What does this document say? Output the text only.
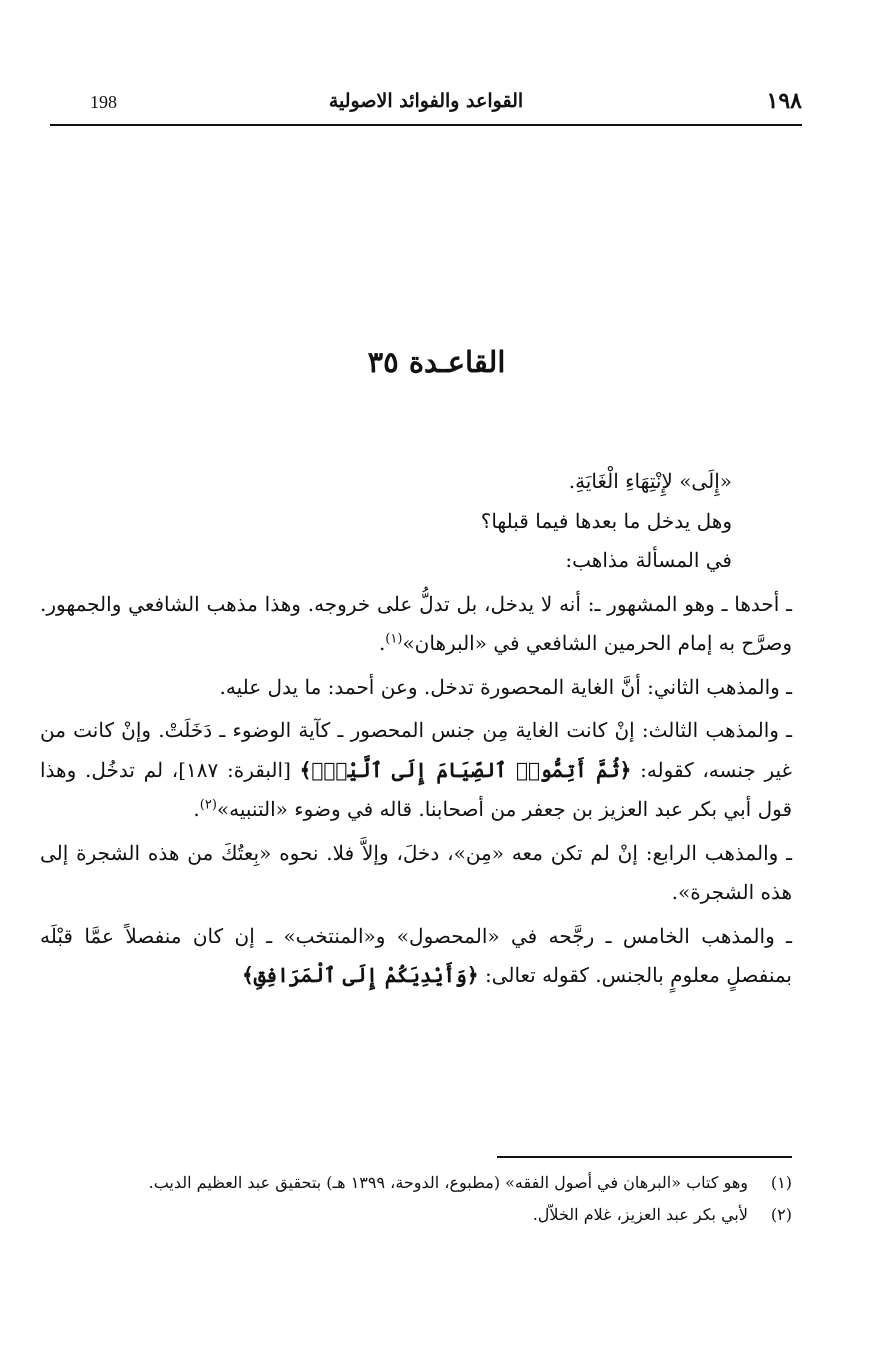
١٩٨
القواعد والفوائد الاصولية
198
القاعـدة ٣٥

«إِلَى» لإِنْتِهَاءِ الْغَايَةِ.

وهل يدخل ما بعدها فيما قبلها؟

في المسألة مذاهب:

ـ أحدها ـ وهو المشهور ـ: أنه لا يدخل، بل تدلُّ على خروجه. وهذا مذهب الشافعي والجمهور. وصرَّح به إمام الحرمين الشافعي في «البرهان»$^{(١)}$.

ـ والمذهب الثاني: أنَّ الغاية المحصورة تدخل. وعن أحمد: ما يدل عليه.

ـ والمذهب الثالث: إنْ كانت الغاية مِن جنس المحصور ـ كآية الوضوء ـ دَخَلَتْ. وإنْ كانت من غير جنسه، كقوله: ﴿ثُمَّ أَتِمُّوا۟ ٱلصِّيَامَ إِلَى ٱلَّيْلِۚ﴾ [البقرة: ١٨٧]، لم تدخُل. وهذا قول أبي بكر عبد العزيز بن جعفر من أصحابنا. قاله في وضوء «التنبيه»$^{(٢)}$.

ـ والمذهب الرابع: إنْ لم تكن معه «مِن»، دخلَ، وإلاَّ فلا. نحوه «بِعتُكَ من هذه الشجرة إلى هذه الشجرة».

ـ والمذهب الخامس ـ رجَّحه في «المحصول» و«المنتخب» ـ إن كان منفصلاً عمَّا قبْلَه بمنفصلٍ معلومٍ بالجنس. كقوله تعالى: ﴿وَأَيْدِيَكُمْ إِلَى ٱلْمَرَافِقِ﴾

(١)
وهو كتاب «البرهان في أصول الفقه» (مطبوع، الدوحة، ١٣٩٩ هـ) بتحقيق عبد العظيم الديب.

(٢)
لأبي بكر عبد العزيز، غلام الخلاّل.
